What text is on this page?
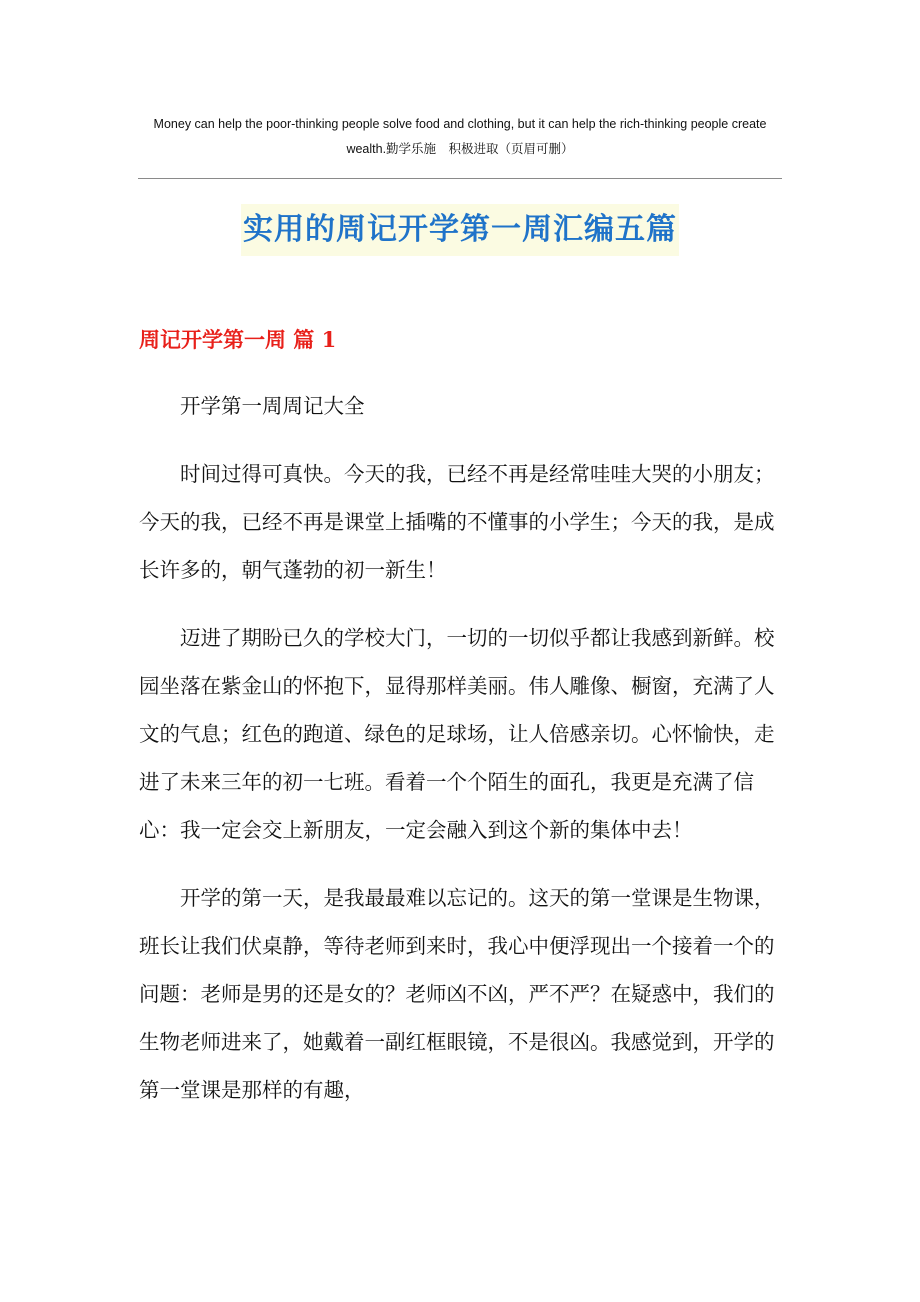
Money can help the poor-thinking people solve food and clothing, but it can help the rich-thinking people create wealth.勤学乐施　积极进取（页眉可删）
实用的周记开学第一周汇编五篇
周记开学第一周 篇 1

开学第一周周记大全

时间过得可真快。今天的我，已经不再是经常哇哇大哭的小朋友；今天的我，已经不再是课堂上插嘴的不懂事的小学生；今天的我，是成长许多的，朝气蓬勃的初一新生！

迈进了期盼已久的学校大门，一切的一切似乎都让我感到新鲜。校园坐落在紫金山的怀抱下，显得那样美丽。伟人雕像、橱窗，充满了人文的气息；红色的跑道、绿色的足球场，让人倍感亲切。心怀愉快，走进了未来三年的初一七班。看着一个个陌生的面孔，我更是充满了信心：我一定会交上新朋友，一定会融入到这个新的集体中去！

开学的第一天，是我最最难以忘记的。这天的第一堂课是生物课，班长让我们伏桌静，等待老师到来时，我心中便浮现出一个接着一个的问题：老师是男的还是女的？老师凶不凶，严不严？在疑惑中，我们的生物老师进来了，她戴着一副红框眼镜，不是很凶。我感觉到，开学的第一堂课是那样的有趣，
